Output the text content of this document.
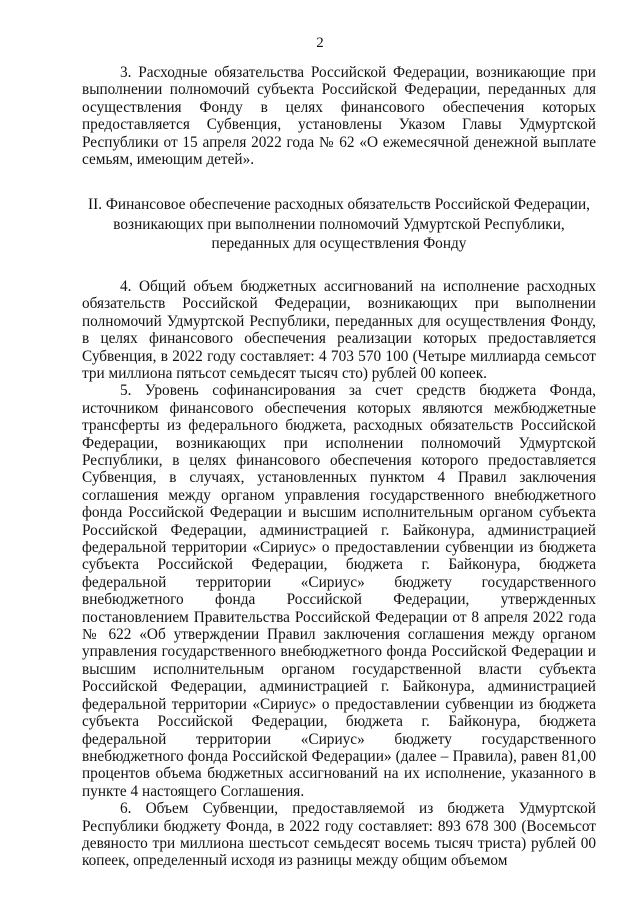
2

3. Расходные обязательства Российской Федерации, возникающие при выполнении полномочий субъекта Российской Федерации, переданных для осуществления Фонду в целях финансового обеспечения которых предоставляется Субвенция, установлены Указом Главы Удмуртской Республики от 15 апреля 2022 года № 62 «О ежемесячной денежной выплате семьям, имеющим детей».

II. Финансовое обеспечение расходных обязательств Российской Федерации,
возникающих при выполнении полномочий Удмуртской Республики,
переданных для осуществления Фонду

4. Общий объем бюджетных ассигнований на исполнение расходных обязательств Российской Федерации, возникающих при выполнении полномочий Удмуртской Республики, переданных для осуществления Фонду, в целях финансового обеспечения реализации которых предоставляется Субвенция, в 2022 году составляет: 4 703 570 100 (Четыре миллиарда семьсот три миллиона пятьсот семьдесят тысяч сто) рублей 00 копеек.

5. Уровень софинансирования за счет средств бюджета Фонда, источником финансового обеспечения которых являются межбюджетные трансферты из федерального бюджета, расходных обязательств Российской Федерации, возникающих при исполнении полномочий Удмуртской Республики, в целях финансового обеспечения которого предоставляется Субвенция, в случаях, установленных пунктом 4 Правил заключения соглашения между органом управления государственного внебюджетного фонда Российской Федерации и высшим исполнительным органом субъекта Российской Федерации, администрацией г. Байконура, администрацией федеральной территории «Сириус» о предоставлении субвенции из бюджета субъекта Российской Федерации, бюджета г. Байконура, бюджета федеральной территории «Сириус» бюджету государственного внебюджетного фонда Российской Федерации, утвержденных постановлением Правительства Российской Федерации от 8 апреля 2022 года № 622 «Об утверждении Правил заключения соглашения между органом управления государственного внебюджетного фонда Российской Федерации и высшим исполнительным органом государственной власти субъекта Российской Федерации, администрацией г. Байконура, администрацией федеральной территории «Сириус» о предоставлении субвенции из бюджета субъекта Российской Федерации, бюджета г. Байконура, бюджета федеральной территории «Сириус» бюджету государственного внебюджетного фонда Российской Федерации» (далее – Правила), равен 81,00 процентов объема бюджетных ассигнований на их исполнение, указанного в пункте 4 настоящего Соглашения.

6. Объем Субвенции, предоставляемой из бюджета Удмуртской Республики бюджету Фонда, в 2022 году составляет: 893 678 300 (Восемьсот девяносто три миллиона шестьсот семьдесят восемь тысяч триста) рублей 00 копеек, определенный исходя из разницы между общим объемом
